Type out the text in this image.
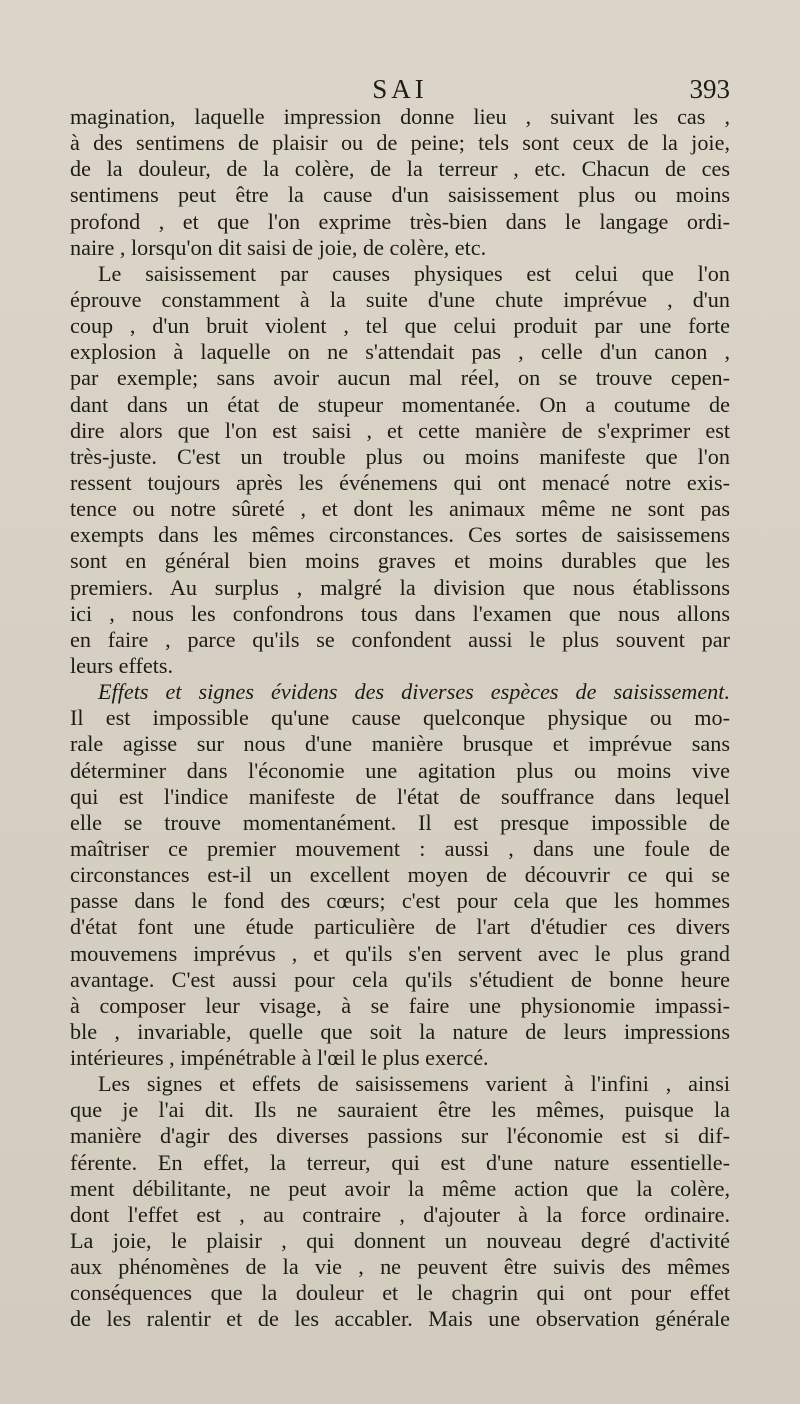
SAI	393
magination, laquelle impression donne lieu , suivant les cas ,
à des sentimens de plaisir ou de peine; tels sont ceux de la joie,
de la douleur, de la colère, de la terreur , etc. Chacun de ces
sentimens peut être la cause d'un saisissement plus ou moins
profond , et que l'on exprime très-bien dans le langage ordi-
naire , lorsqu'on dit saisi de joie, de colère, etc.
Le saisissement par causes physiques est celui que l'on
éprouve constamment à la suite d'une chute imprévue , d'un
coup , d'un bruit violent , tel que celui produit par une forte
explosion à laquelle on ne s'attendait pas , celle d'un canon ,
par exemple; sans avoir aucun mal réel, on se trouve cepen-
dant dans un état de stupeur momentanée. On a coutume de
dire alors que l'on est saisi , et cette manière de s'exprimer est
très-juste. C'est un trouble plus ou moins manifeste que l'on
ressent toujours après les événemens qui ont menacé notre exis-
tence ou notre sûreté , et dont les animaux même ne sont pas
exempts dans les mêmes circonstances. Ces sortes de saisissemens
sont en général bien moins graves et moins durables que les
premiers. Au surplus , malgré la division que nous établissons
ici , nous les confondrons tous dans l'examen que nous allons
en faire , parce qu'ils se confondent aussi le plus souvent par
leurs effets.
Effets et signes évidens des diverses espèces de saisissement.
Il est impossible qu'une cause quelconque physique ou mo-
rale agisse sur nous d'une manière brusque et imprévue sans
déterminer dans l'économie une agitation plus ou moins vive
qui est l'indice manifeste de l'état de souffrance dans lequel
elle se trouve momentanément. Il est presque impossible de
maîtriser ce premier mouvement : aussi , dans une foule de
circonstances est-il un excellent moyen de découvrir ce qui se
passe dans le fond des cœurs; c'est pour cela que les hommes
d'état font une étude particulière de l'art d'étudier ces divers
mouvemens imprévus , et qu'ils s'en servent avec le plus grand
avantage. C'est aussi pour cela qu'ils s'étudient de bonne heure
à composer leur visage, à se faire une physionomie impassi-
ble , invariable, quelle que soit la nature de leurs impressions
intérieures , impénétrable à l'œil le plus exercé.
Les signes et effets de saisissemens varient à l'infini , ainsi
que je l'ai dit. Ils ne sauraient être les mêmes, puisque la
manière d'agir des diverses passions sur l'économie est si dif-
férente. En effet, la terreur, qui est d'une nature essentielle-
ment débilitante, ne peut avoir la même action que la colère,
dont l'effet est , au contraire , d'ajouter à la force ordinaire.
La joie, le plaisir , qui donnent un nouveau degré d'activité
aux phénomènes de la vie , ne peuvent être suivis des mêmes
conséquences que la douleur et le chagrin qui ont pour effet
de les ralentir et de les accabler. Mais une observation générale
